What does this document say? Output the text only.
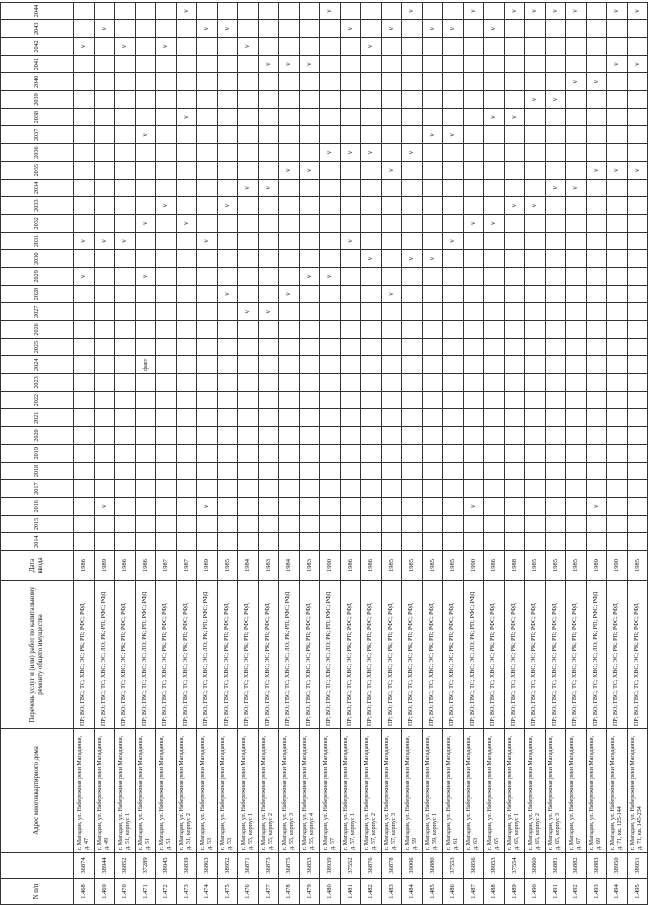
N п/п		Адрес многоквартирного дома	Перечень услуг и (или) работ по капитальному ремонту общего имущества	Дата ввода	2014	2015	2016	2017	2018	2019	2020	2021	2022	2023	2024	2025	2026	2027	2028	2029	2030	2031	2032	2033	2034	2035	2036	2037	2038	2039	2040	2041	2042	2043	2044
1.468	36874	г. Магадан, ул. Набережная реки Магаданки, д. 47	ПР; ВО; ГВС; ТС; ХВС; ЭС; РК; РП; РФС; РФД	1986																v		v											v		
1.469	38944	г. Магадан, ул. Набережная реки Магаданки, д. 49	ПР; ВО; ГВС; ТС; ХВС; ЭС; ЛО; РК; РП; РФС; РФД	1989			v															v												v	
1.470	36852	г. Магадан, ул. Набережная реки Магаданки, д. 51, корпус 1	ПР; ВО; ГВС; ТС; ХВС; ЭС; РК; РП; РФС; РФД	1986																		v											v		
1.471	37289	г. Магадан, ул. Набережная реки Магаданки, д. 51	ПР; ВО; ГВС; ТС; ХВС; ЭС; ЛО; РК; РП; РФС; РФД	1986											факт					v			v					v							
1.472	38945	г. Магадан, ул. Набережная реки Магаданки, д. 51	ПР; ВО; ГВС; ТС; ХВС; ЭС; РК; РП; РФС; РФД	1987																				v									v		
1.473	36839	г. Магадан, ул. Набережная реки Магаданки, д. 51, корпус 2	ПР; ВО; ГВС; ТС; ХВС; ЭС; РК; РП; РФС; РФД	1987																			v						v						v
1.474	36863	г. Магадан, ул. Набережная реки Магаданки, д. 53	ПР; ВО; ГВС; ТС; ХВС; ЭС; ЛО; РК; РП; РФС; РФД	1989			v															v												v	
1.475	38952	г. Магадан, ул. Набережная реки Магаданки, д. 53	ПР; ВО; ГВС; ТС; ХВС; ЭС; РК; РП; РФС; РФД	1985															v					v										v	
1.476	36871	г. Магадан, ул. Набережная реки Магаданки, д. 55, корпус 1	ПР; ВО; ГВС; ТС; ХВС; ЭС; РК; РП; РФС; РФД	1984														v							v								v		
1.477	36873	г. Магадан, ул. Набережная реки Магаданки, д. 55, корпус 2	ПР; ВО; ГВС; ТС; ХВС; ЭС; РК; РП; РФС; РФД	1983														v							v							v			
1.478	36875	г. Магадан, ул. Набережная реки Магаданки, д. 55, корпус 3	ПР; ВО; ГВС; ТС; ХВС; ЭС; ЛО; РК; РП; РФС; РФД	1984															v							v						v			
1.479	36853	г. Магадан, ул. Набережная реки Магаданки, д. 55, корпус 4	ПР; ВО; ГВС; ТС; ХВС; ЭС; РК; РП; РФС; РФД	1983																v						v						v			
1.480	38939	г. Магадан, ул. Набережная реки Магаданки, д. 57	ПР; ВО; ГВС; ТС; ХВС; ЭС; ЛО; РК; РП; РФС; РФД	1990																v							v								v
1.481	37552	г. Магадан, ул. Набережная реки Магаданки, д. 57, корпус 1	ПР; ВО; ГВС; ТС; ХВС; ЭС; РК; РП; РФС; РФД	1986																		v					v							v	
1.482	36876	г. Магадан, ул. Набережная реки Магаданки, д. 57, корпус 2	ПР; ВО; ГВС; ТС; ХВС; ЭС; РК; РП; РФС; РФД	1986																	v						v						v		
1.483	36878	г. Магадан, ул. Набережная реки Магаданки, д. 57, корпус 3	ПР; ВО; ГВС; ТС; ХВС; ЭС; РК; РП; РФС; РФД	1985															v							v								v	
1.484	39006	г. Магадан, ул. Набережная реки Магаданки, д. 59	ПР; ВО; ГВС; ТС; ХВС; ЭС; РК; РП; РФС; РФД	1985																	v						v								v
1.485	36880	г. Магадан, ул. Набережная реки Магаданки, д. 59, корпус 1	ПР; ВО; ГВС; ТС; ХВС; ЭС; РК; РП; РФС; РФД	1985																	v							v						v	
1.486	37553	г. Магадан, ул. Набережная реки Магаданки, д. 61	ПР; ВО; ГВС; ТС; ХВС; ЭС; РК; РП; РФС; РФД	1985																		v						v						v	
1.487	36856	г. Магадан, ул. Набережная реки Магаданки, д. 63	ПР; ВО; ГВС; ТС; ХВС; ЭС; ЛО; РК; РП; РФС; РФД	1990			v																v												v
1.488	38953	г. Магадан, ул. Набережная реки Магаданки, д. 65	ПР; ВО; ГВС; ТС; ХВС; ЭС; РК; РП; РФС; РФД	1986																			v						v					v	
1.489	37554	г. Магадан, ул. Набережная реки Магаданки, д. 65, корпус 1	ПР; ВО; ГВС; ТС; ХВС; ЭС; РК; РП; РФС; РФД	1988																				v					v						v
1.490	36860	г. Магадан, ул. Набережная реки Магаданки, д. 65, корпус 2	ПР; ВО; ГВС; ТС; ХВС; ЭС; РК; РП; РФС; РФД	1985																				v						v					v
1.491	36881	г. Магадан, ул. Набережная реки Магаданки, д. 65, корпус 3	ПР; ВО; ГВС; ТС; ХВС; ЭС; РК; РП; РФС; РФД	1985																					v					v					v
1.492	36882	г. Магадан, ул. Набережная реки Магаданки, д. 67	ПР; ВО; ГВС; ТС; ХВС; ЭС; РК; РП; РФС; РФД	1985																					v						v				v
1.493	36883	г. Магадан, ул. Набережная реки Магаданки, д. 69	ПР; ВО; ГВС; ТС; ХВС; ЭС; ЛО; РК; РП; РФС; РФД	1989			v																			v					v				
1.494	38950	г. Магадан, ул. Набережная реки Магаданки, д. 71, кв. 125-144	ПР; ВО; ГВС; ТС; ХВС; ЭС; РК; РП; РФС; РФД	1990																						v						v			v
1.495	38951	г. Магадан, ул. Набережная реки Магаданки, д. 71, кв. 145-234	ПР; ВО; ГВС; ТС; ХВС; ЭС; РК; РП; РФС; РФД	1985																						v						v			v
